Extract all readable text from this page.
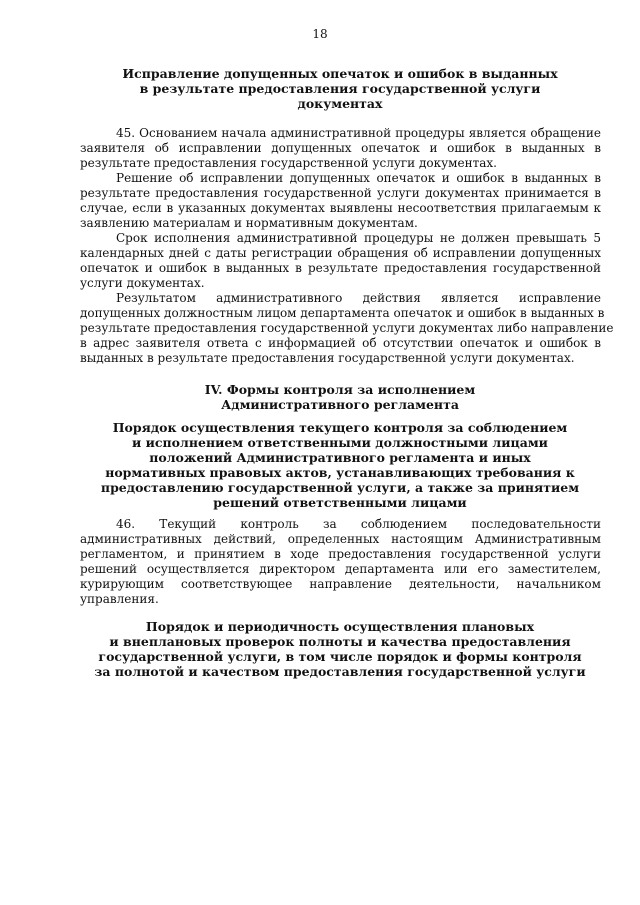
18
Исправление допущенных опечаток и ошибок в выданных
в результате предоставления государственной услуги
документах
45. Основанием начала административной процедуры является обращение
заявителя об исправлении допущенных опечаток и ошибок в выданных в
результате предоставления государственной услуги документах.
Решение об исправлении допущенных опечаток и ошибок в выданных в
результате предоставления государственной услуги документах принимается в
случае, если в указанных документах выявлены несоответствия прилагаемым к
заявлению материалам и нормативным документам.
Срок исполнения административной процедуры не должен превышать 5
календарных дней с даты регистрации обращения об исправлении допущенных
опечаток и ошибок в выданных в результате предоставления государственной
услуги документах.
Результатом административного действия является исправление
допущенных должностным лицом департамента опечаток и ошибок в выданных в
результате предоставления государственной услуги документах либо направление
в адрес заявителя ответа с информацией об отсутствии опечаток и ошибок в
выданных в результате предоставления государственной услуги документах.
IV. Формы контроля за исполнением
Административного регламента
Порядок осуществления текущего контроля за соблюдением
и исполнением ответственными должностными лицами
положений Административного регламента и иных
нормативных правовых актов, устанавливающих требования к
предоставлению государственной услуги, а также за принятием
решений ответственными лицами
46. Текущий контроль за соблюдением последовательности
административных действий, определенных настоящим Административным
регламентом, и принятием в ходе предоставления государственной услуги
решений осуществляется директором департамента или его заместителем,
курирующим соответствующее направление деятельности, начальником
управления.
Порядок и периодичность осуществления плановых
и внеплановых проверок полноты и качества предоставления
государственной услуги, в том числе порядок и формы контроля
за полнотой и качеством предоставления государственной услуги
